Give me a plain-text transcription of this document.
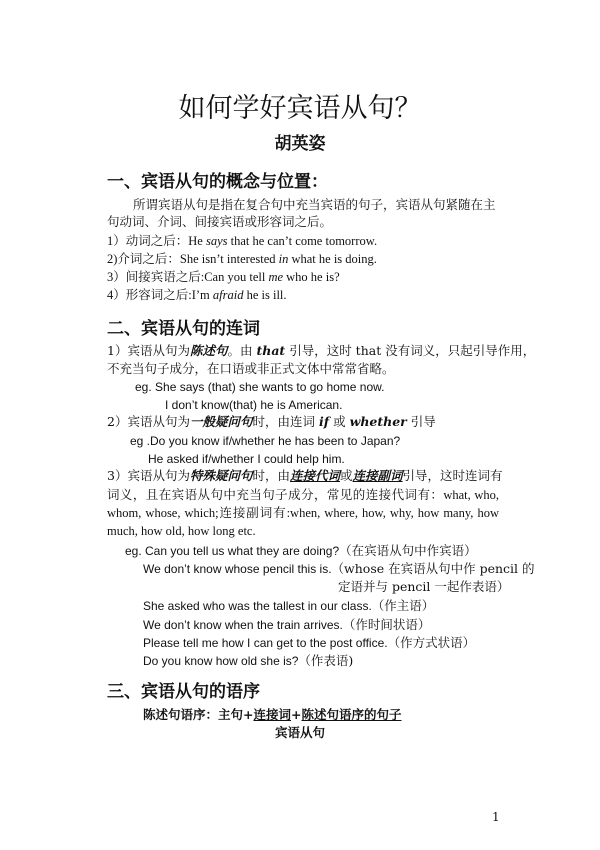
如何学好宾语从句？
胡英姿
一、宾语从句的概念与位置：
所谓宾语从句是指在复合句中充当宾语的句子，宾语从句紧随在主句动词、介词、间接宾语或形容词之后。
1）动词之后：He says that he can’t come tomorrow.
2)介词之后：She isn’t interested in what he is doing.
3）间接宾语之后:Can you tell me who he is?
4）形容词之后:I’m afraid he is ill.
二、宾语从句的连词
1）宾语从句为陈述句。由 that 引导，这时 that 没有词义，只起引导作用，
不充当句子成分，在口语或非正式文体中常常省略。
eg. She says (that) she wants to go home now.
I don’t know(that) he is American.
2）宾语从句为一般疑问句时，由连词 if 或 whether 引导
eg .Do you know if/whether he has been to Japan?
He asked if/whether I could help him.
3）宾语从句为特殊疑问句时，由连接代词或连接副词引导，这时连词有
词义，且在宾语从句中充当句子成分，常见的连接代词有：what, who, whom, whose, which;连接副词有:when, where, how, why, how many, how much, how old, how long etc.
eg. Can you tell us what they are doing?（在宾语从句中作宾语）
We don’t know whose pencil this is.（whose 在宾语从句中作 pencil 的
定语并与 pencil 一起作表语）
She asked who was the tallest in our class.（作主语）
We don’t know when the train arrives.（作时间状语）
Please tell me how I can get to the post office.（作方式状语）
Do you know how old she is?（作表语)
三、宾语从句的语序
陈述句语序：主句+连接词+陈述句语序的句子
宾语从句
1
